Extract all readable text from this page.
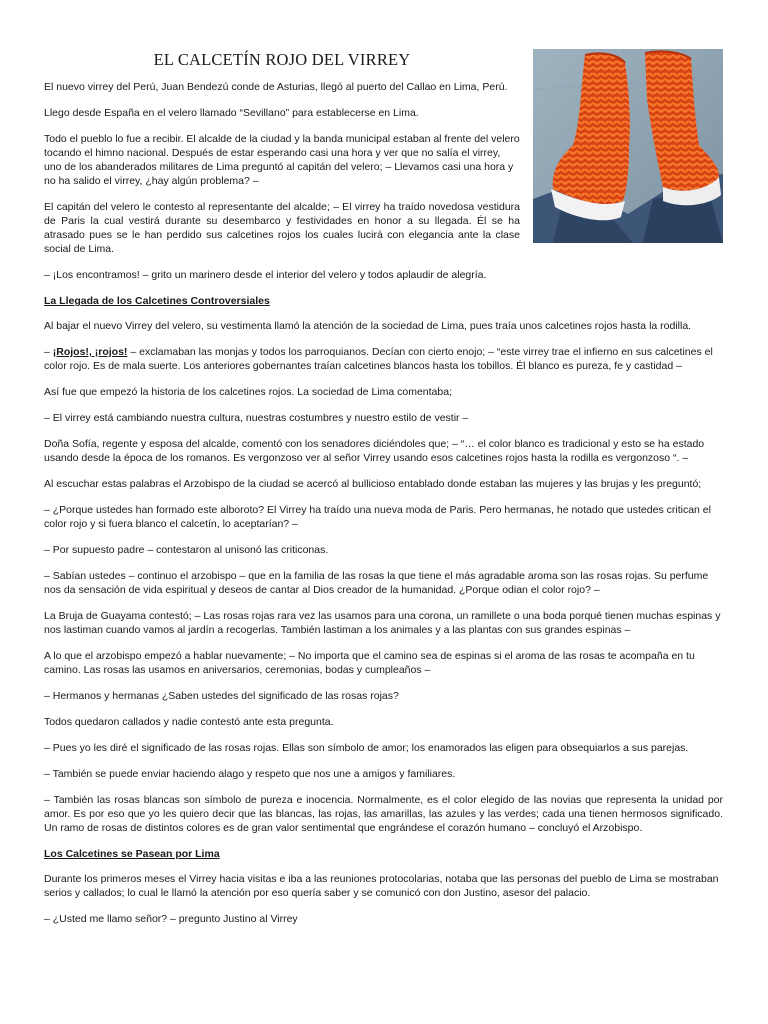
EL CALCETÍN ROJO DEL VIRREY

El nuevo virrey del Perú, Juan Bendezú conde de Asturias, llegó al puerto del Callao en Lima, Perú.

Llego desde España en el velero llamado “Sevillano” para establecerse en Lima.

Todo el pueblo lo fue a recibir. El alcalde de la ciudad y la banda municipal estaban al frente del velero tocando el himno nacional. Después de estar esperando casi una hora y ver que no salía el virrey, uno de los abanderados militares de Lima preguntó al capitán del velero; – Llevamos casi una hora y no ha salido el virrey, ¿hay algún problema? –

El capitán del velero le contesto al representante del alcalde; – El virrey ha traído novedosa vestidura de Paris la cual vestirá durante su desembarco y festividades en honor a su llegada. Él se ha atrasado pues se le han perdido sus calcetines rojos los cuales lucirá con elegancia ante la clase social de Lima.

– ¡Los encontramos! – grito un marinero desde el interior del velero y todos aplaudir de alegría.

La Llegada de los Calcetines Controversiales

Al bajar el nuevo Virrey del velero, su vestimenta llamó la atención de la sociedad de Lima, pues traía unos calcetines rojos hasta la rodilla.

– ¡Rojos!, ¡rojos! – exclamaban las monjas y todos los parroquianos. Decían con cierto enojo; – “este virrey trae el infierno en sus calcetines el color rojo. Es de mala suerte. Los anteriores gobernantes traían calcetines blancos hasta los tobillos. Él blanco es pureza, fe y castidad –

Así fue que empezó la historia de los calcetines rojos. La sociedad de Lima comentaba;

– El virrey está cambiando nuestra cultura, nuestras costumbres y nuestro estilo de vestir –

Doña Sofía, regente y esposa del alcalde, comentó con los senadores diciéndoles que; – “… el color blanco es tradicional y esto se ha estado usando desde la época de los romanos. Es vergonzoso ver al señor Virrey usando esos calcetines rojos hasta la rodilla es vergonzoso “. –

Al escuchar estas palabras el Arzobispo de la ciudad se acercó al bullicioso entablado donde estaban las mujeres y las brujas y les preguntó;

– ¿Porque ustedes han formado este alboroto? El Virrey ha traído una nueva moda de Paris. Pero hermanas, he notado que ustedes critican el color rojo y si fuera blanco el calcetín, lo aceptarían? –

– Por supuesto padre – contestaron al unisonó las criticonas.

– Sabían ustedes – continuo el arzobispo – que en la familia de las rosas la que tiene el más agradable aroma son las rosas rojas. Su perfume nos da sensación de vida espiritual y deseos de cantar al Dios creador de la humanidad. ¿Porque odian el color rojo? –

La Bruja de Guayama contestó; – Las rosas rojas rara vez las usamos para una corona, un ramillete o una boda porqué tienen muchas espinas y nos lastiman cuando vamos al jardín a recogerlas. También lastiman a los animales y a las plantas con sus grandes espinas –

A lo que el arzobispo empezó a hablar nuevamente; – No importa que el camino sea de espinas si el aroma de las rosas te acompaña en tu camino. Las rosas las usamos en aniversarios, ceremonias, bodas y cumpleaños –

– Hermanos y hermanas ¿Saben ustedes del significado de las rosas rojas?

Todos quedaron callados y nadie contestó ante esta pregunta.

– Pues yo les diré el significado de las rosas rojas. Ellas son símbolo de amor; los enamorados las eligen para obsequiarlos a sus parejas.

– También se puede enviar haciendo alago y respeto que nos une a amigos y familiares.

– También las rosas blancas son símbolo de pureza e inocencia. Normalmente, es el color elegido de las novias que representa la unidad por amor. Es por eso que yo les quiero decir que las blancas, las rojas, las amarillas, las azules y las verdes; cada una tienen hermosos significado. Un ramo de rosas de distintos colores es de gran valor sentimental que engrándese el corazón humano – concluyó el Arzobispo.

Los Calcetines se Pasean por Lima

Durante los primeros meses el Virrey hacia visitas e iba a las reuniones protocolarias, notaba que las personas del pueblo de Lima se mostraban serios y callados; lo cual le llamó la atención por eso quería saber y se comunicó con don Justino, asesor del palacio.

– ¿Usted me llamo señor? – pregunto Justino al Virrey
